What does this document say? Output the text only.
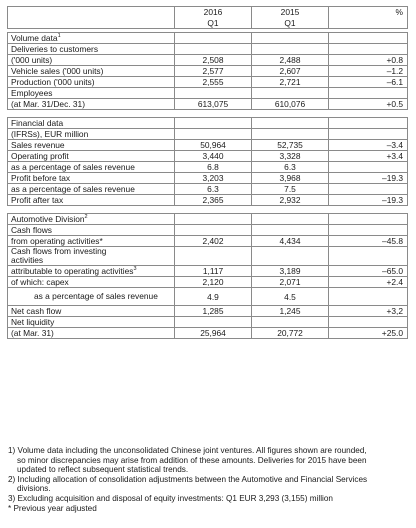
	2016	2015	%
	Q1	Q1	

Volume data$^1$			
Deliveries to customers			
('000 units)	2,508	2,488	+0.8
Vehicle sales ('000 units)	2,577	2,607	–1.2
Production ('000 units)	2,555	2,721	–6.1
Employees			
(at Mar. 31/Dec. 31)	613,075	610,076	+0.5

Financial data			
(IFRSs), EUR million			
Sales revenue	50,964	52,735	–3.4
Operating profit	3,440	3,328	+3.4
as a percentage of sales revenue	6.8	6.3	
Profit before tax	3,203	3,968	–19.3
as a percentage of sales revenue	6.3	7.5	
Profit after tax	2,365	2,932	–19.3

Automotive Division$^2$			
Cash flows			
from operating activities*	2,402	4,434	–45.8
Cash flows from investing
activities			
attributable to operating activities$^3$	1,117	3,189	–65.0
of which: capex	2,120	2,071	+2.4
as a percentage of sales revenue	4.9	4.5	
Net cash flow	1,285	1,245	+3,2
Net liquidity			
(at Mar. 31)	25,964	20,772	+25.0
1) Volume data including the unconsolidated Chinese joint ventures. All figures shown are rounded,
so minor discrepancies may arise from addition of these amounts. Deliveries for 2015 have been
updated to reflect subsequent statistical trends.
2) Including allocation of consolidation adjustments between the Automotive and Financial Services
divisions.
3) Excluding acquisition and disposal of equity investments: Q1 EUR 3,293 (3,155) million
* Previous year adjusted
